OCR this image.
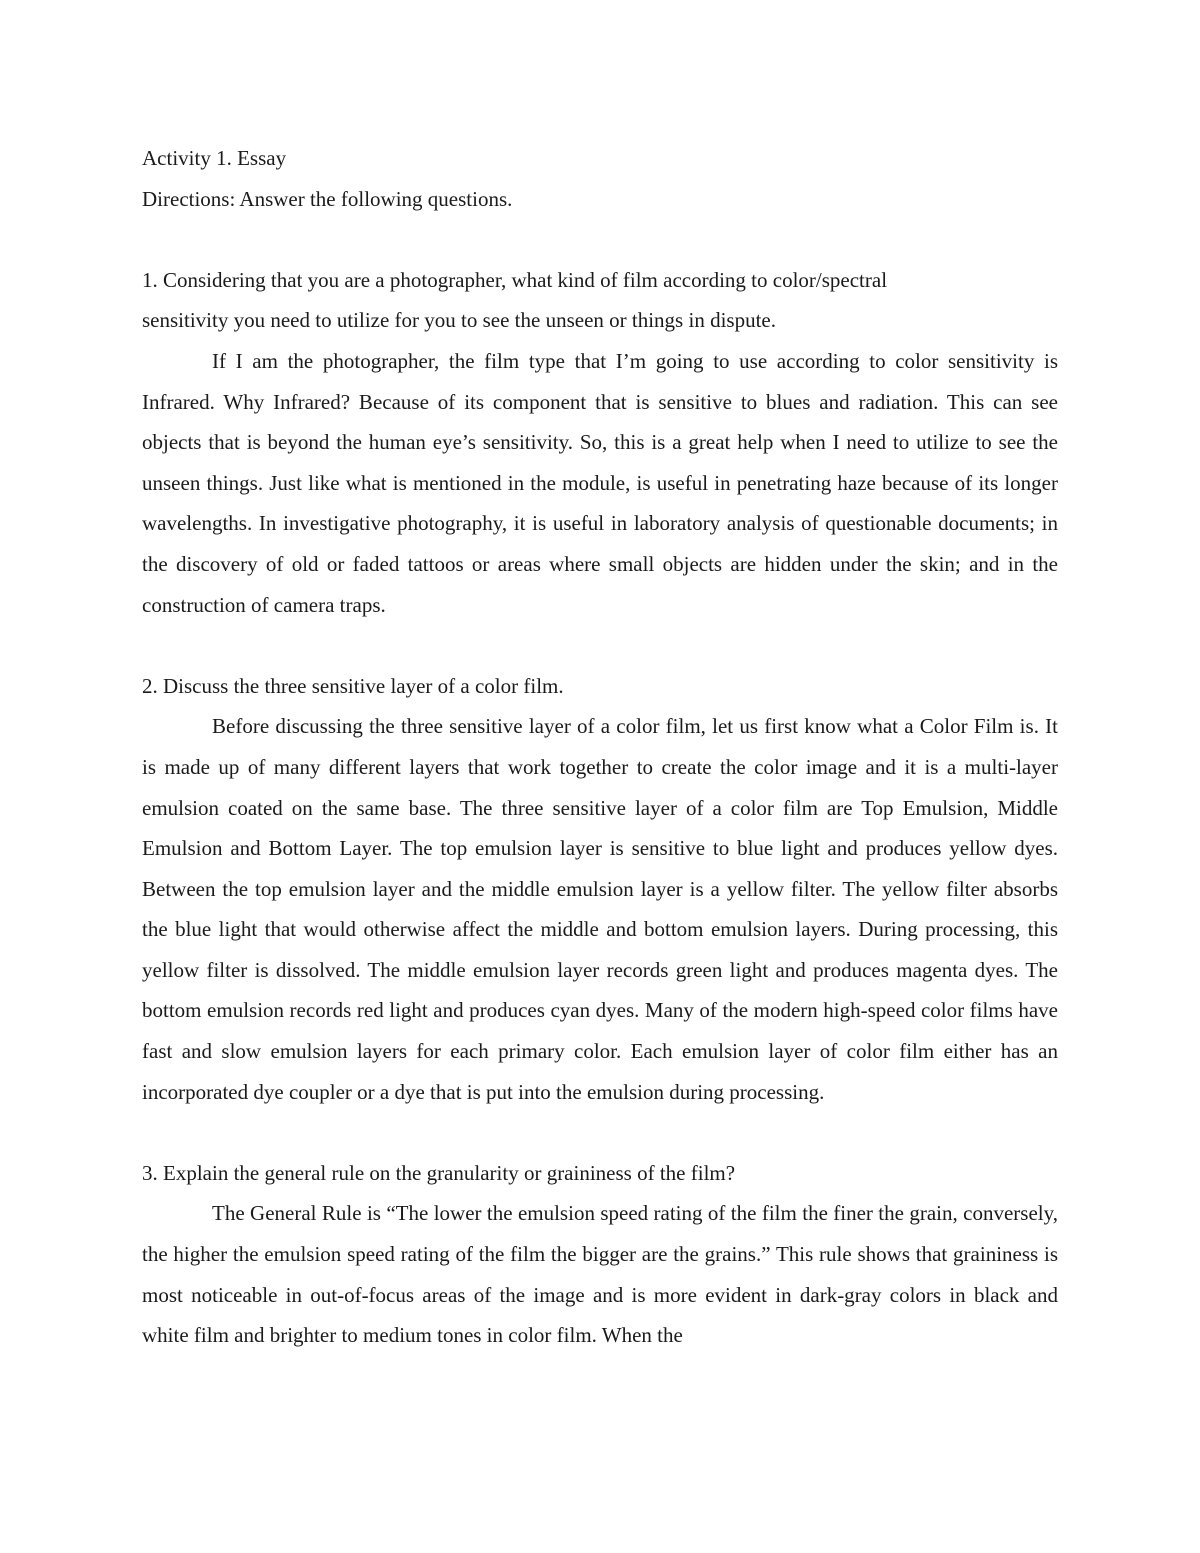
Activity 1. Essay

Directions: Answer the following questions.

1. Considering that you are a photographer, what kind of film according to color/spectral

sensitivity you need to utilize for you to see the unseen or things in dispute.

If I am the photographer, the film type that I’m going to use according to color sensitivity is Infrared. Why Infrared? Because of its component that is sensitive to blues and radiation. This can see objects that is beyond the human eye’s sensitivity. So, this is a great help when I need to utilize to see the unseen things. Just like what is mentioned in the module, is useful in penetrating haze because of its longer wavelengths. In investigative photography, it is useful in laboratory analysis of questionable documents; in the discovery of old or faded tattoos or areas where small objects are hidden under the skin; and in the construction of camera traps.

2. Discuss the three sensitive layer of a color film.

Before discussing the three sensitive layer of a color film, let us first know what a Color Film is. It is made up of many different layers that work together to create the color image and it is a multi-layer emulsion coated on the same base. The three sensitive layer of a color film are Top Emulsion, Middle Emulsion and Bottom Layer. The top emulsion layer is sensitive to blue light and produces yellow dyes. Between the top emulsion layer and the middle emulsion layer is a yellow filter. The yellow filter absorbs the blue light that would otherwise affect the middle and bottom emulsion layers. During processing, this yellow filter is dissolved. The middle emulsion layer records green light and produces magenta dyes. The bottom emulsion records red light and produces cyan dyes. Many of the modern high-speed color films have fast and slow emulsion layers for each primary color. Each emulsion layer of color film either has an incorporated dye coupler or a dye that is put into the emulsion during processing.

3. Explain the general rule on the granularity or graininess of the film?

The General Rule is “The lower the emulsion speed rating of the film the finer the grain, conversely, the higher the emulsion speed rating of the film the bigger are the grains.” This rule shows that graininess is most noticeable in out-of-focus areas of the image and is more evident in dark-gray colors in black and white film and brighter to medium tones in color film. When the
